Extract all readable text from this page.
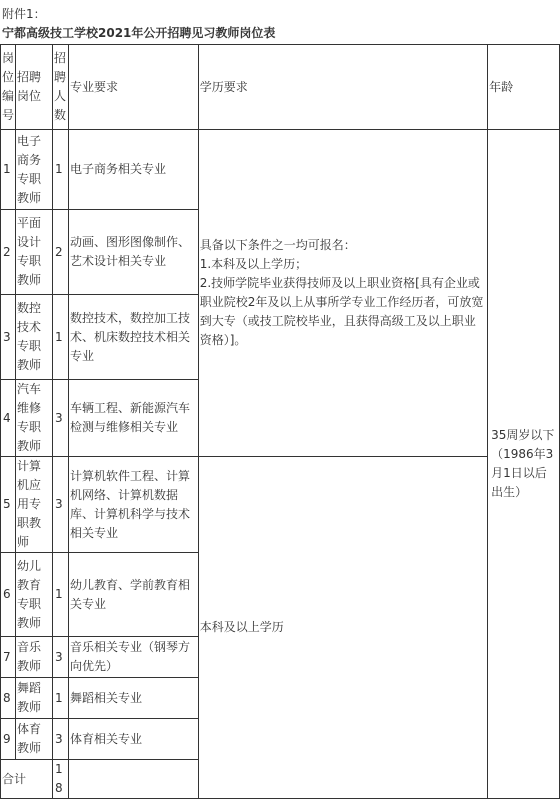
附件1：
宁都高级技工学校2021年公开招聘见习教师岗位表
岗位编号	招聘岗位	招聘人数	专业要求	学历要求	年龄
1	电子商务专职教师	1	电子商务相关专业	具备以下条件之一均可报名：
1.本科及以上学历；
2.技师学院毕业获得技师及以上职业资格[具有企业或职业院校2年及以上从事所学专业工作经历者，可放宽到大专（或技工院校毕业，且获得高级工及以上职业资格）]。	35周岁以下（1986年3月1日以后出生）
2	平面设计专职教师	2	动画、图形图像制作、艺术设计相关专业		
3	数控技术专职教师	1	数控技术，数控加工技术、机床数控技术相关专业		
4	汽车维修专职教师	3	车辆工程、新能源汽车检测与维修相关专业		
5	计算机应用专职教师	3	计算机软件工程、计算机网络、计算机数据库、计算机科学与技术相关专业	本科及以上学历	
6	幼儿教育专职教师	1	幼儿教育、学前教育相关专业		
7	音乐教师	3	音乐相关专业（钢琴方向优先）		
8	舞蹈教师	1	舞蹈相关专业		
9	体育教师	3	体育相关专业		
合计		18			
